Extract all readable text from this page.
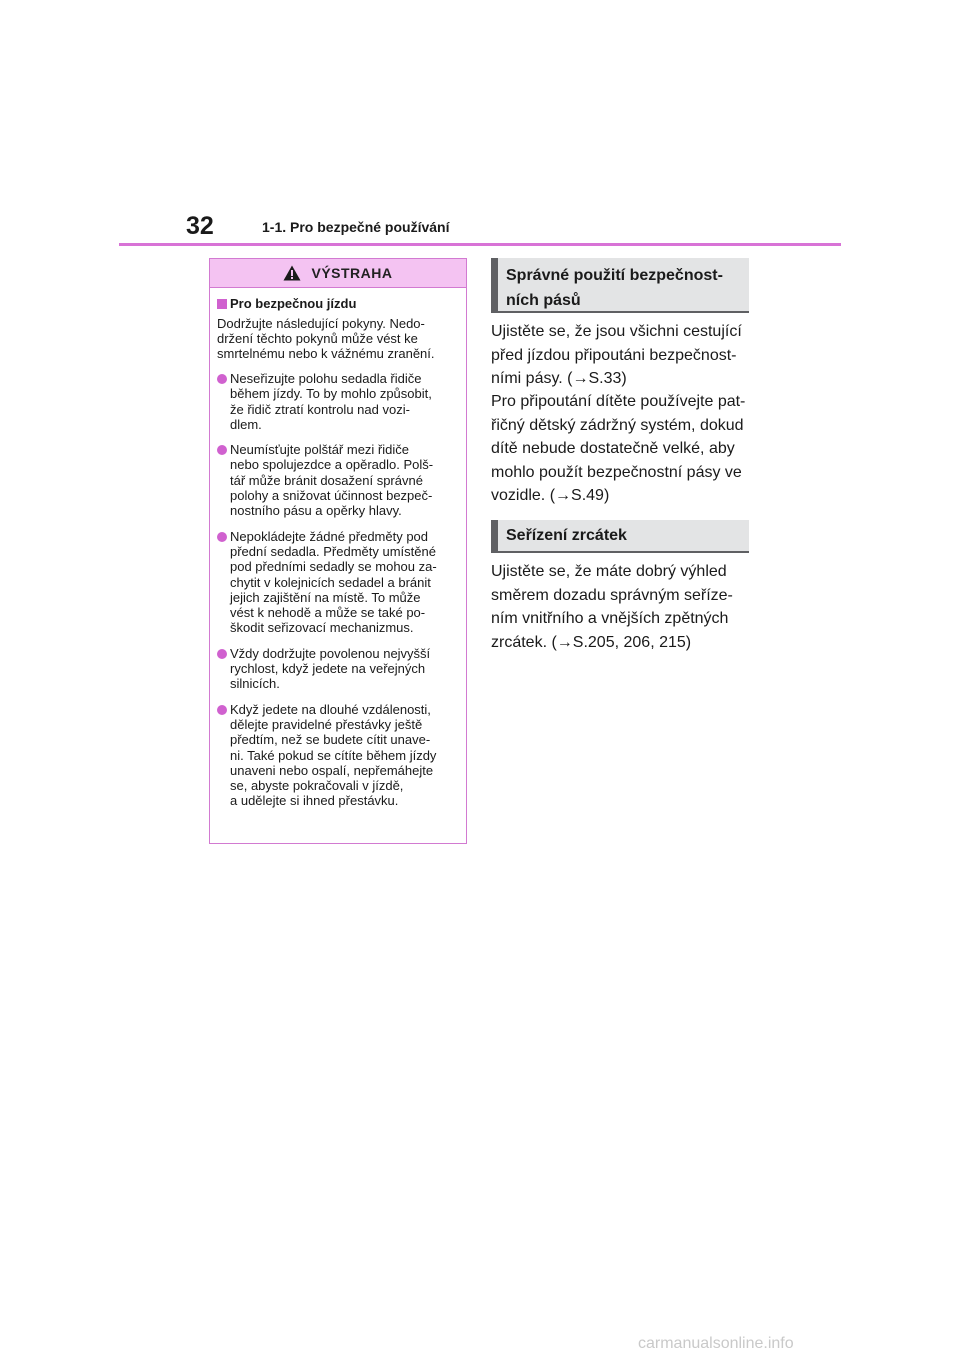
32	1-1. Pro bezpečné používání
VÝSTRAHA
Pro bezpečnou jízdu

Dodržujte následující pokyny. Nedo-
držení těchto pokynů může vést ke
smrtelnému nebo k vážnému zranění.

Neseřizujte polohu sedadla řidiče
během jízdy. To by mohlo způsobit,
že řidič ztratí kontrolu nad vozi-
dlem.
Neumísťujte polštář mezi řidiče
nebo spolujezdce a opěradlo. Polš-
tář může bránit dosažení správné
polohy a snižovat účinnost bezpeč-
nostního pásu a opěrky hlavy.
Nepokládejte žádné předměty pod
přední sedadla. Předměty umístěné
pod předními sedadly se mohou za-
chytit v kolejnicích sedadel a bránit
jejich zajištění na místě. To může
vést k nehodě a může se také po-
škodit seřizovací mechanizmus.
Vždy dodržujte povolenou nejvyšší
rychlost, když jedete na veřejných
silnicích.
Když jedete na dlouhé vzdálenosti,
dělejte pravidelné přestávky ještě
předtím, než se budete cítit unave-
ni. Také pokud se cítíte během jízdy
unaveni nebo ospalí, nepřemáhejte
se, abyste pokračovali v jízdě,
a udělejte si ihned přestávku.
Správné použití bezpečnost-
ních pásů

Ujistěte se, že jsou všichni cestující
před jízdou připoutáni bezpečnost-
ními pásy. (→S.33)

Pro připoutání dítěte používejte pat-
řičný dětský zádržný systém, dokud
dítě nebude dostatečně velké, aby
mohlo použít bezpečnostní pásy ve
vozidle. (→S.49)

Seřízení zrcátek

Ujistěte se, že máte dobrý výhled
směrem dozadu správným seříze-
ním vnitřního a vnějších zpětných
zrcátek. (→S.205, 206, 215)

carmanualsonline.info
